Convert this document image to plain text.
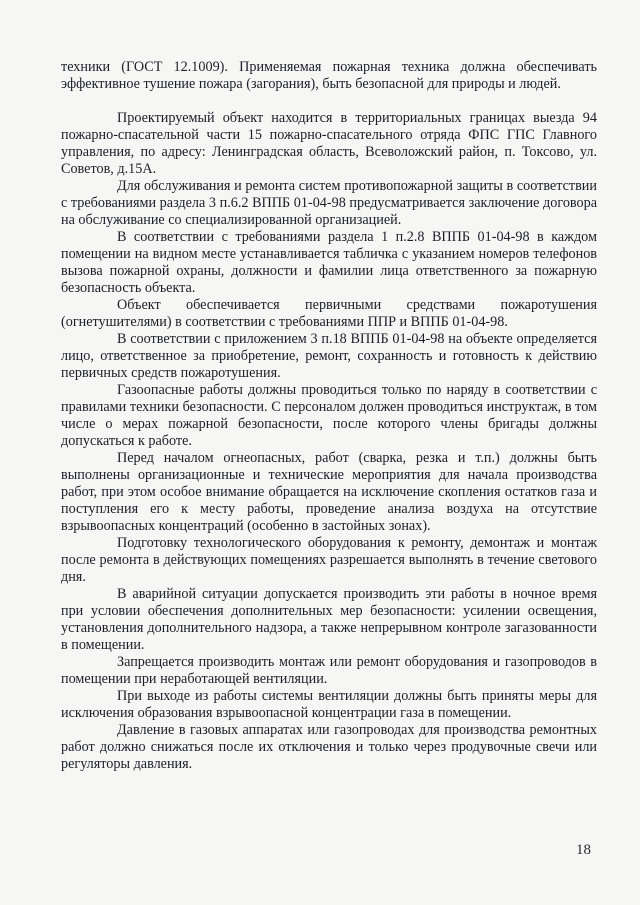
техники (ГОСТ 12.1009). Применяемая пожарная техника должна обеспечивать эффективное тушение пожара (загорания), быть безопасной для природы и людей.

Проектируемый объект находится в территориальных границах выезда 94 пожарно-спасательной части 15 пожарно-спасательного отряда ФПС ГПС Главного управления, по адресу: Ленинградская область, Всеволожский район, п. Токсово, ул. Советов, д.15А.

Для обслуживания и ремонта систем противопожарной защиты в соответствии с требованиями раздела 3 п.6.2 ВППБ 01-04-98 предусматривается заключение договора на обслуживание со специализированной организацией.

В соответствии с требованиями раздела 1 п.2.8 ВППБ 01-04-98 в каждом помещении на видном месте устанавливается табличка с указанием номеров телефонов вызова пожарной охраны, должности и фамилии лица ответственного за пожарную безопасность объекта.

Объект обеспечивается первичными средствами пожаротушения (огнетушителями) в соответствии с требованиями ППР и ВППБ 01-04-98.

В соответствии с приложением 3 п.18 ВППБ 01-04-98 на объекте определяется лицо, ответственное за приобретение, ремонт, сохранность и готовность к действию первичных средств пожаротушения.

Газоопасные работы должны проводиться только по наряду в соответствии с правилами техники безопасности. С персоналом должен проводиться инструктаж, в том числе о мерах пожарной безопасности, после которого члены бригады должны допускаться к работе.

Перед началом огнеопасных, работ (сварка, резка и т.п.) должны быть выполнены организационные и технические мероприятия для начала производства работ, при этом особое внимание обращается на исключение скопления остатков газа и поступления его к месту работы, проведение анализа воздуха на отсутствие взрывоопасных концентраций (особенно в застойных зонах).

Подготовку технологического оборудования к ремонту, демонтаж и монтаж после ремонта в действующих помещениях разрешается выполнять в течение светового дня.

В аварийной ситуации допускается производить эти работы в ночное время при условии обеспечения дополнительных мер безопасности: усилении освещения, установления дополнительного надзора, а также непрерывном контроле загазованности в помещении.

Запрещается производить монтаж или ремонт оборудования и газопроводов в помещении при неработающей вентиляции.

При выходе из работы системы вентиляции должны быть приняты меры для исключения образования взрывоопасной концентрации газа в помещении.

Давление в газовых аппаратах или газопроводах для производства ремонтных работ должно снижаться после их отключения и только через продувочные свечи или регуляторы давления.

18
